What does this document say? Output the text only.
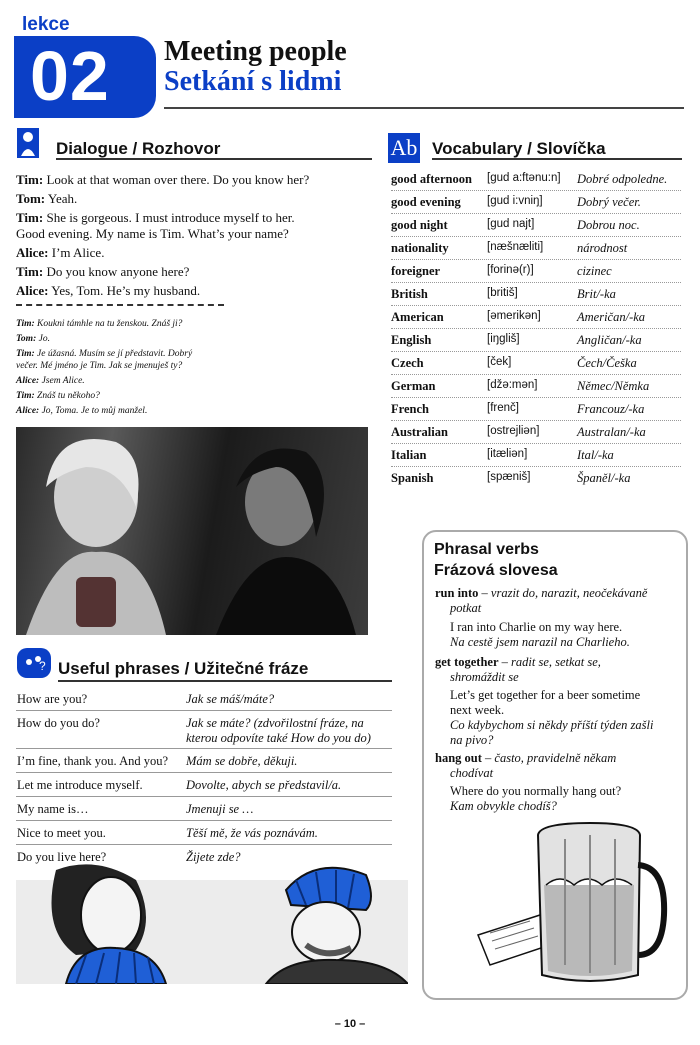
lekce
02 Meeting people
Setkání s lidmi
Dialogue / Rozhovor
Tim: Look at that woman over there. Do you know her?
Tom: Yeah.
Tim: She is gorgeous. I must introduce myself to her.
Good evening. My name is Tim. What’s your name?
Alice: I’m Alice.
Tim: Do you know anyone here?
Alice: Yes, Tom. He’s my husband.
Tim: Koukni támhle na tu ženskou. Znáš ji?
Tom: Jo.
Tim: Je úžasná. Musím se jí představit. Dobrý
večer. Mé jméno je Tim. Jak se jmenuješ ty?
Alice: Jsem Alice.
Tim: Znáš tu někoho?
Alice: Jo, Toma. Je to můj manžel.
Ab Vocabulary / Slovíčka
good afternoon [gud a:ftǝnu:n] Dobré odpoledne.
good evening [gud i:vniŋ]	Dobrý večer.
good night	[gud najt]	Dobrou noc.
nationality	[næšnæliti]	národnost
foreigner	[forinǝ(r)]	cizinec
British	[britiš]	Brit/-ka
American	[ǝmerikǝn]	Američan/-ka
English	[iŋgliš]	Angličan/-ka
Czech	[ček]	Čech/Češka
German	[džǝ:mǝn]	Němec/Němka
French	[frenč]	Francouz/-ka
Australian	[ostrejliǝn]	Australan/-ka
Italian	[itæliǝn]	Ital/-ka
Spanish	[spæniš]	Španěl/-ka
? Useful phrases / Užitečné fráze
How are you?	Jak se máš/máte?
How do you do?	Jak se máte? (zdvořilostní fráze, na kterou odpovíte také How do you do)
I’m fine, thank you. And you? Mám se dobře, děkuji.
Let me introduce myself.	Dovolte, abych se představil/a.
My name is…	Jmenuji se …
Nice to meet you.	Těší mě, že vás poznávám.
Do you live here?	Žijete zde?
Phrasal verbs
Frázová slovesa
run into – vrazit do, narazit, neočekávaně
potkat
I ran into Charlie on my way here.
Na cestě jsem narazil na Charlieho.
get together – radit se, setkat se,
shromáždit se
Let’s get together for a beer sometime
next week.
Co kdybychom si někdy příští týden zašli
na pivo?
hang out – často, pravidelně někam
chodívat
Where do you normally hang out?
Kam obvykle chodíš?
– 10 –
